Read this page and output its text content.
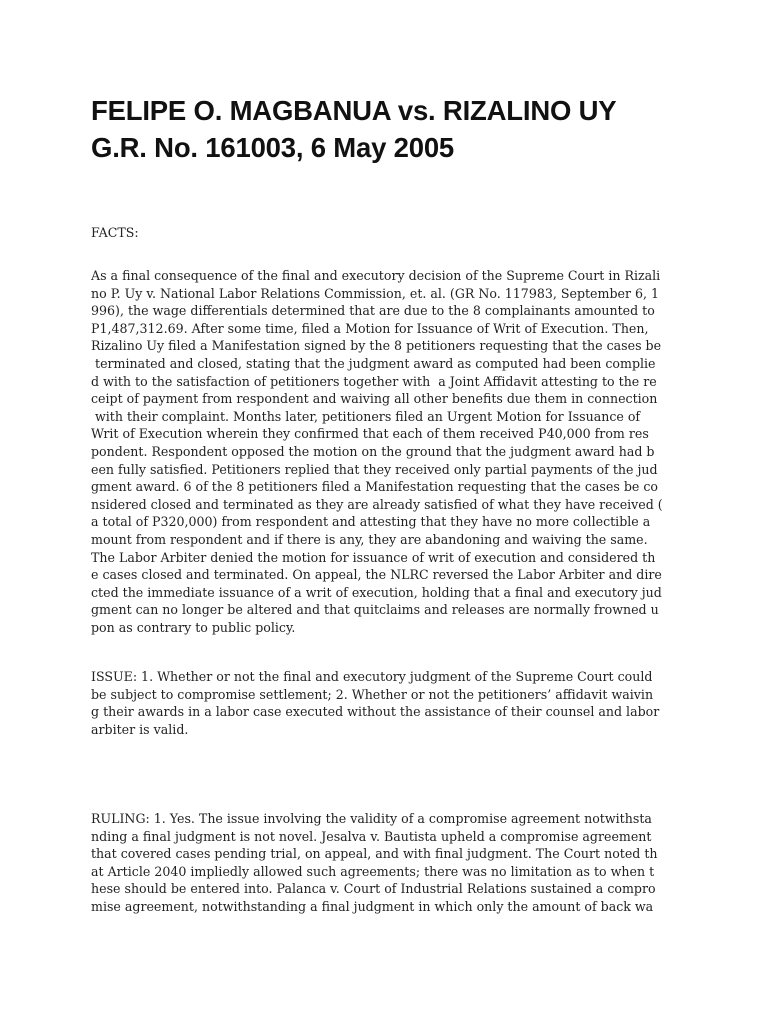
FELIPE O. MAGBANUA vs. RIZALINO UY
G.R. No. 161003, 6 May 2005

FACTS:

As a final consequence of the final and executory decision of the Supreme Court in Rizali
no P. Uy v. National Labor Relations Commission, et. al. (GR No. 117983, September 6, 1
996), the wage differentials determined that are due to the 8 complainants amounted to
P1,487,312.69. After some time, filed a Motion for Issuance of Writ of Execution. Then,
Rizalino Uy filed a Manifestation signed by the 8 petitioners requesting that the cases be
terminated and closed, stating that the judgment award as computed had been complie
d with to the satisfaction of petitioners together with  a Joint Affidavit attesting to the re
ceipt of payment from respondent and waiving all other benefits due them in connection
with their complaint. Months later, petitioners filed an Urgent Motion for Issuance of
Writ of Execution wherein they confirmed that each of them received P40,000 from res
pondent. Respondent opposed the motion on the ground that the judgment award had b
een fully satisfied. Petitioners replied that they received only partial payments of the jud
gment award. 6 of the 8 petitioners filed a Manifestation requesting that the cases be co
nsidered closed and terminated as they are already satisfied of what they have received (
a total of P320,000) from respondent and attesting that they have no more collectible a
mount from respondent and if there is any, they are abandoning and waiving the same.
The Labor Arbiter denied the motion for issuance of writ of execution and considered th
e cases closed and terminated. On appeal, the NLRC reversed the Labor Arbiter and dire
cted the immediate issuance of a writ of execution, holding that a final and executory jud
gment can no longer be altered and that quitclaims and releases are normally frowned u
pon as contrary to public policy.
ISSUE: 1. Whether or not the final and executory judgment of the Supreme Court could
be subject to compromise settlement; 2. Whether or not the petitioners’ affidavit waivin
g their awards in a labor case executed without the assistance of their counsel and labor
arbiter is valid.
RULING: 1. Yes. The issue involving the validity of a compromise agreement notwithsta
nding a final judgment is not novel. Jesalva v. Bautista upheld a compromise agreement
that covered cases pending trial, on appeal, and with final judgment. The Court noted th
at Article 2040 impliedly allowed such agreements; there was no limitation as to when t
hese should be entered into. Palanca v. Court of Industrial Relations sustained a compro
mise agreement, notwithstanding a final judgment in which only the amount of back wa
